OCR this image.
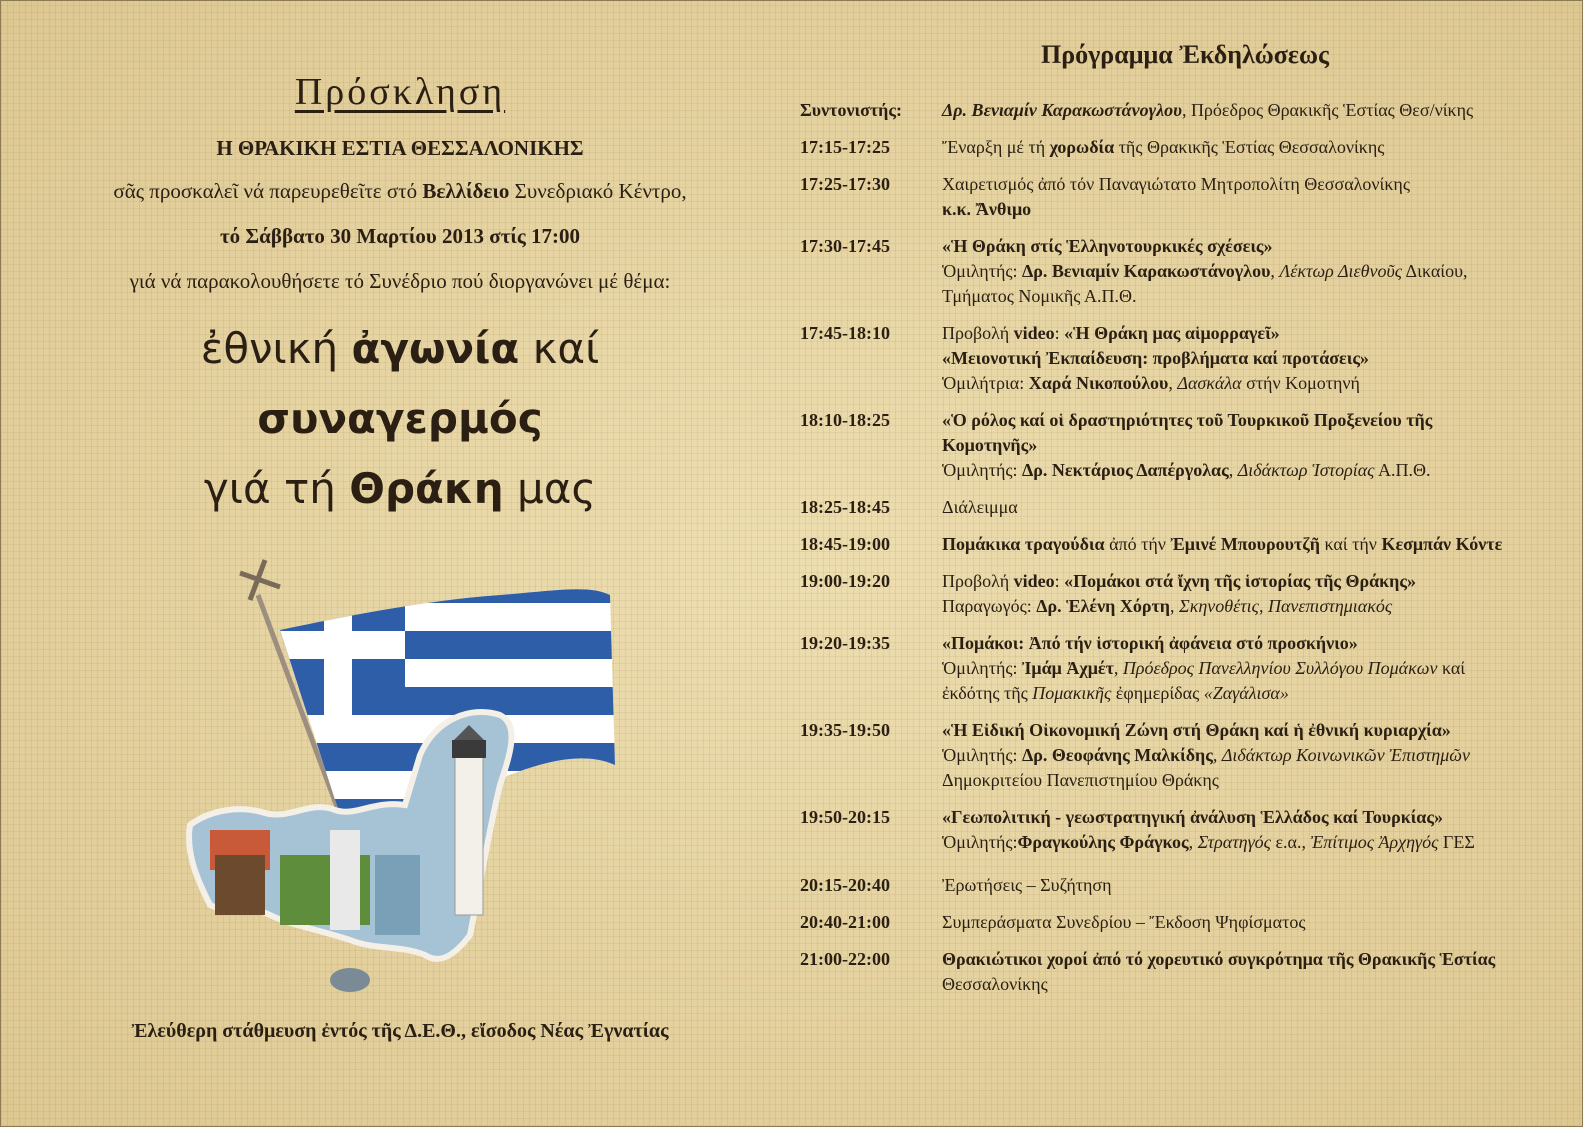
Πρόσκληση
Η ΘΡΑΚΙΚΗ ΕΣΤΙΑ ΘΕΣΣΑΛΟΝΙΚΗΣ
σᾶς προσκαλεῖ νά παρευρεθεῖτε στό Βελλίδειο Συνεδριακό Κέντρο,
τό Σάββατο 30 Μαρτίου 2013 στίς 17:00
γιά νά παρακολουθήσετε τό Συνέδριο πού διοργανώνει μέ θέμα:
ἐθνική ἀγωνία καί
συναγερμός
γιά τή Θράκη μας
Ἐλεύθερη στάθμευση ἐντός τῆς Δ.Ε.Θ., εἴσοδος Νέας Ἐγνατίας
Πρόγραμμα Ἐκδηλώσεως
Συντονιστής:	Δρ. Βενιαμίν Καρακωστάνογλου, Πρόεδρος Θρακικῆς Ἑστίας Θεσ/νίκης
17:15-17:25	Ἔναρξη μέ τή χορωδία τῆς Θρακικῆς Ἑστίας Θεσσαλονίκης
17:25-17:30	Χαιρετισμός ἀπό τόν Παναγιώτατο Μητροπολίτη Θεσσαλονίκης
κ.κ. Ἄνθιμο
17:30-17:45	«Ἡ Θράκη στίς Ἑλληνοτουρκικές σχέσεις»
Ὁμιλητής: Δρ. Βενιαμίν Καρακωστάνογλου, Λέκτωρ Διεθνοῦς Δικαίου,
Τμήματος Νομικῆς Α.Π.Θ.
17:45-18:10	Προβολή video: «Ἡ Θράκη μας αἱμορραγεῖ»
«Μειονοτική Ἐκπαίδευση: προβλήματα καί προτάσεις»
Ὁμιλήτρια: Χαρά Νικοπούλου, Δασκάλα στήν Κομοτηνή
18:10-18:25	«Ὁ ρόλος καί οἱ δραστηριότητες τοῦ Τουρκικοῦ Προξενείου τῆς
Κομοτηνῆς»
Ὁμιλητής: Δρ. Νεκτάριος Δαπέργολας, Διδάκτωρ Ἱστορίας Α.Π.Θ.
18:25-18:45	Διάλειμμα
18:45-19:00	Πομάκικα τραγούδια ἀπό τήν Ἐμινέ Μπουρουτζῆ καί τήν Κεσμπάν Κόντε
19:00-19:20	Προβολή video: «Πομάκοι στά ἴχνη τῆς ἱστορίας τῆς Θράκης»
Παραγωγός: Δρ. Ἑλένη Χόρτη, Σκηνοθέτις, Πανεπιστημιακός
19:20-19:35	«Πομάκοι: Ἀπό τήν ἱστορική ἀφάνεια στό προσκήνιο»
Ὁμιλητής: Ἰμάμ Ἀχμέτ, Πρόεδρος Πανελληνίου Συλλόγου Πομάκων καί
ἐκδότης τῆς Πομακικῆς ἐφημερίδας «Ζαγάλισα»
19:35-19:50	«Ἡ Εἰδική Οἰκονομική Ζώνη στή Θράκη καί ἡ ἐθνική κυριαρχία»
Ὁμιλητής: Δρ. Θεοφάνης Μαλκίδης, Διδάκτωρ Κοινωνικῶν Ἐπιστημῶν
Δημοκριτείου Πανεπιστημίου Θράκης
19:50-20:15	«Γεωπολιτική - γεωστρατηγική ἀνάλυση Ἑλλάδος καί Τουρκίας»
Ὁμιλητής:Φραγκούλης Φράγκος, Στρατηγός ε.α., Ἐπίτιμος Ἀρχηγός ΓΕΣ
20:15-20:40	Ἐρωτήσεις – Συζήτηση
20:40-21:00	Συμπεράσματα Συνεδρίου – Ἔκδοση Ψηφίσματος
21:00-22:00	Θρακιώτικοι χοροί ἀπό τό χορευτικό συγκρότημα τῆς Θρακικῆς Ἑστίας
Θεσσαλονίκης
